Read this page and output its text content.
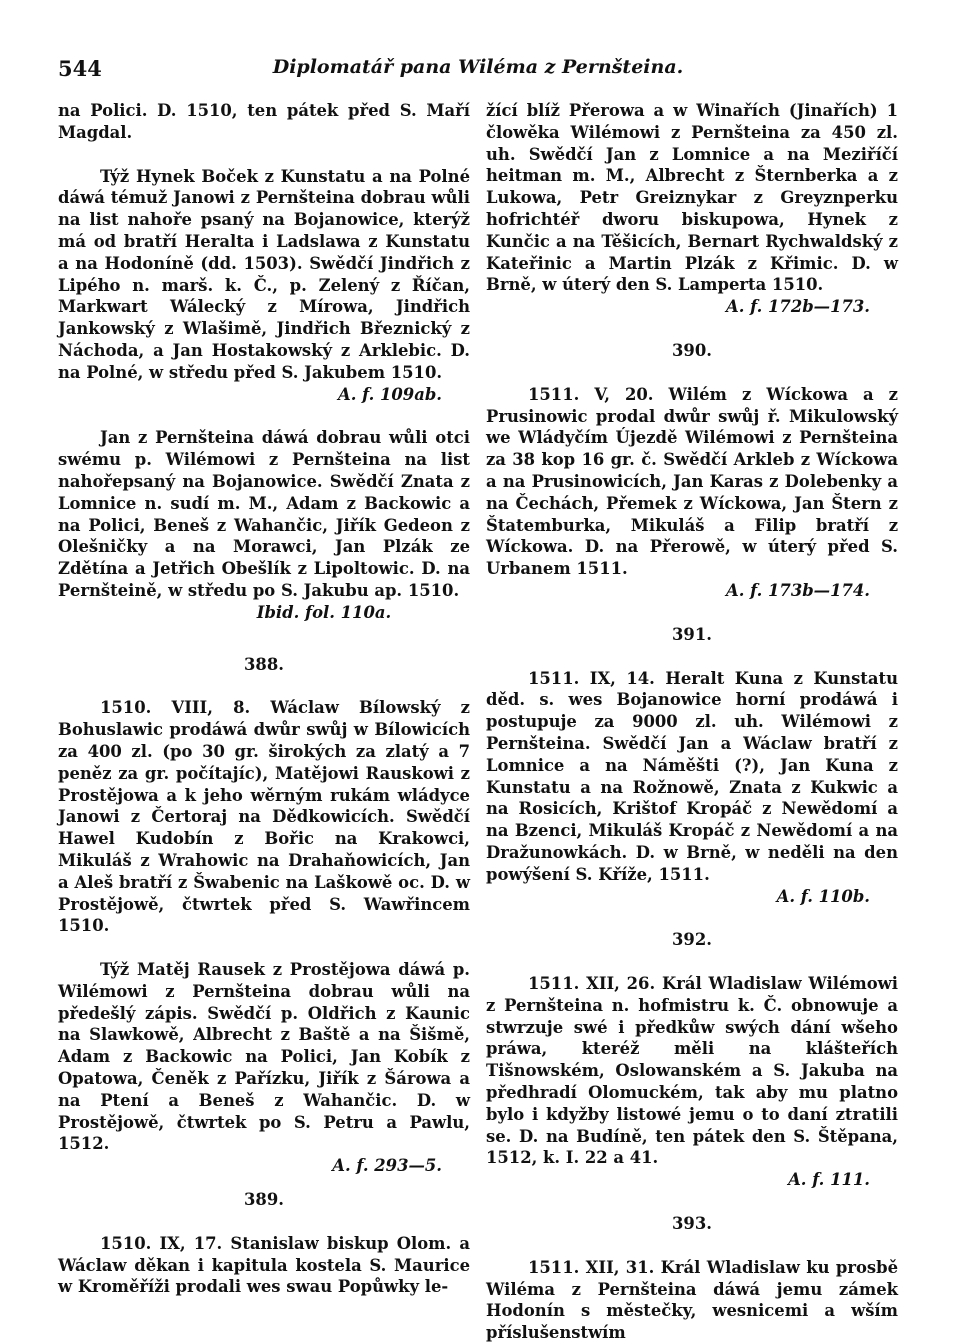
544	Diplomatář pana Wiléma z Pernšteina.

na Polici. D. 1510, ten pátek před S. Maří Magdal.

Týž Hynek Boček z Kunstatu a na Polné dáwá témuž Janowi z Pernšteina dobrau wůli na list nahoře psaný na Bojanowice, kterýž má od bratří Heralta i Ladslawa z Kunstatu a na Hodoníně (dd. 1503). Swědčí Jindřich z Lipého n. marš. k. Č., p. Zelený z Říčan, Markwart Wálecký z Mírowa, Jindřich Jankowský z Wlašimě, Jindřich Březnický z Náchoda, a Jan Hostakowský z Arklebic. D. na Polné, w středu před S. Jakubem 1510.

A. f. 109ab.

Jan z Pernšteina dáwá dobrau wůli otci swému p. Wilémowi z Pernšteina na list nahořepsaný na Bojanowice. Swědčí Znata z Lomnice n. sudí m. M., Adam z Backowic a na Polici, Beneš z Wahančic, Jiřík Gedeon z Olešničky a na Morawci, Jan Plzák ze Zdětína a Jetřich Obešlík z Lipoltowic. D. na Pernšteině, w středu po S. Jakubu ap. 1510.

Ibid. fol. 110a.

388.

1510. VIII, 8. Wáclaw Bílowský z Bohuslawic prodáwá dwůr swůj w Bílowicích za 400 zl. (po 30 gr. širokých za zlatý a 7 peněz za gr. počítajíc), Matějowi Rauskowi z Prostějowa a k jeho wěrným rukám wládyce Janowi z Čertoraj na Dědkowicích. Swědčí Hawel Kudobín z Bořic na Krakowci, Mikuláš z Wrahowic na Drahaňowicích, Jan a Aleš bratří z Šwabenic na Laškowě oc. D. w Prostějowě, čtwrtek před S. Wawřincem 1510.

Týž Matěj Rausek z Prostějowa dáwá p. Wilémowi z Pernšteina dobrau wůli na předešlý zápis. Swědčí p. Oldřich z Kaunic na Slawkowě, Albrecht z Baště a na Šišmě, Adam z Backowic na Polici, Jan Kobík z Opatowa, Čeněk z Pařízku, Jiřík z Šárowa a na Ptení a Beneš z Wahančic. D. w Prostějowě, čtwrtek po S. Petru a Pawlu, 1512.

A. f. 293—5.

389.

1510. IX, 17. Stanislaw biskup Olom. a Wáclaw děkan i kapitula kostela S. Maurice w Kroměříži prodali wes swau Popůwky le-

žící blíž Přerowa a w Winařích (Jinařích) 1 člowěka Wilémowi z Pernšteina za 450 zl. uh. Swědčí Jan z Lomnice a na Meziříčí heitman m. M., Albrecht z Šternberka a z Lukowa, Petr Greiznykar z Greyznperku hofrichtéř dworu biskupowa, Hynek z Kunčic a na Těšicích, Bernart Rychwaldský z Kateřinic a Martin Plzák z Křimic. D. w Brně, w úterý den S. Lamperta 1510.

A. f. 172b—173.

390.

1511. V, 20. Wilém z Wíckowa a z Prusinowic prodal dwůr swůj ř. Mikulowský we Wládyčím Újezdě Wilémowi z Pernšteina za 38 kop 16 gr. č. Swědčí Arkleb z Wíckowa a na Prusinowicích, Jan Karas z Dolebenky a na Čechách, Přemek z Wíckowa, Jan Štern z Štatemburka, Mikuláš a Filip bratří z Wíckowa. D. na Přerowě, w úterý před S. Urbanem 1511.

A. f. 173b—174.

391.

1511. IX, 14. Heralt Kuna z Kunstatu děd. s. wes Bojanowice horní prodáwá i postupuje za 9000 zl. uh. Wilémowi z Pernšteina. Swědčí Jan a Wáclaw bratří z Lomnice a na Náměšti (?), Jan Kuna z Kunstatu a na Rožnowě, Znata z Kukwic a na Rosicích, Krištof Kropáč z Newědomí a na Bzenci, Mikuláš Kropáč z Newědomí a na Dražunowkách. D. w Brně, w neděli na den powýšení S. Kříže, 1511.

A. f. 110b.

392.

1511. XII, 26. Král Wladislaw Wilémowi z Pernšteina n. hofmistru k. Č. obnowuje a stwrzuje swé i předkůw swých dání wšeho práwa, kteréž měli na klášteřích Tišnowském, Oslowanském a S. Jakuba na předhradí Olomuckém, tak aby mu platno bylo i kdyžby listowé jemu o to daní ztratili se. D. na Budíně, ten pátek den S. Štěpana, 1512, k. I. 22 a 41.

A. f. 111.

393.

1511. XII, 31. Král Wladislaw ku prosbě Wiléma z Pernšteina dáwá jemu zámek Hodonín s městečky, wesnicemi a wším příslušenstwím
